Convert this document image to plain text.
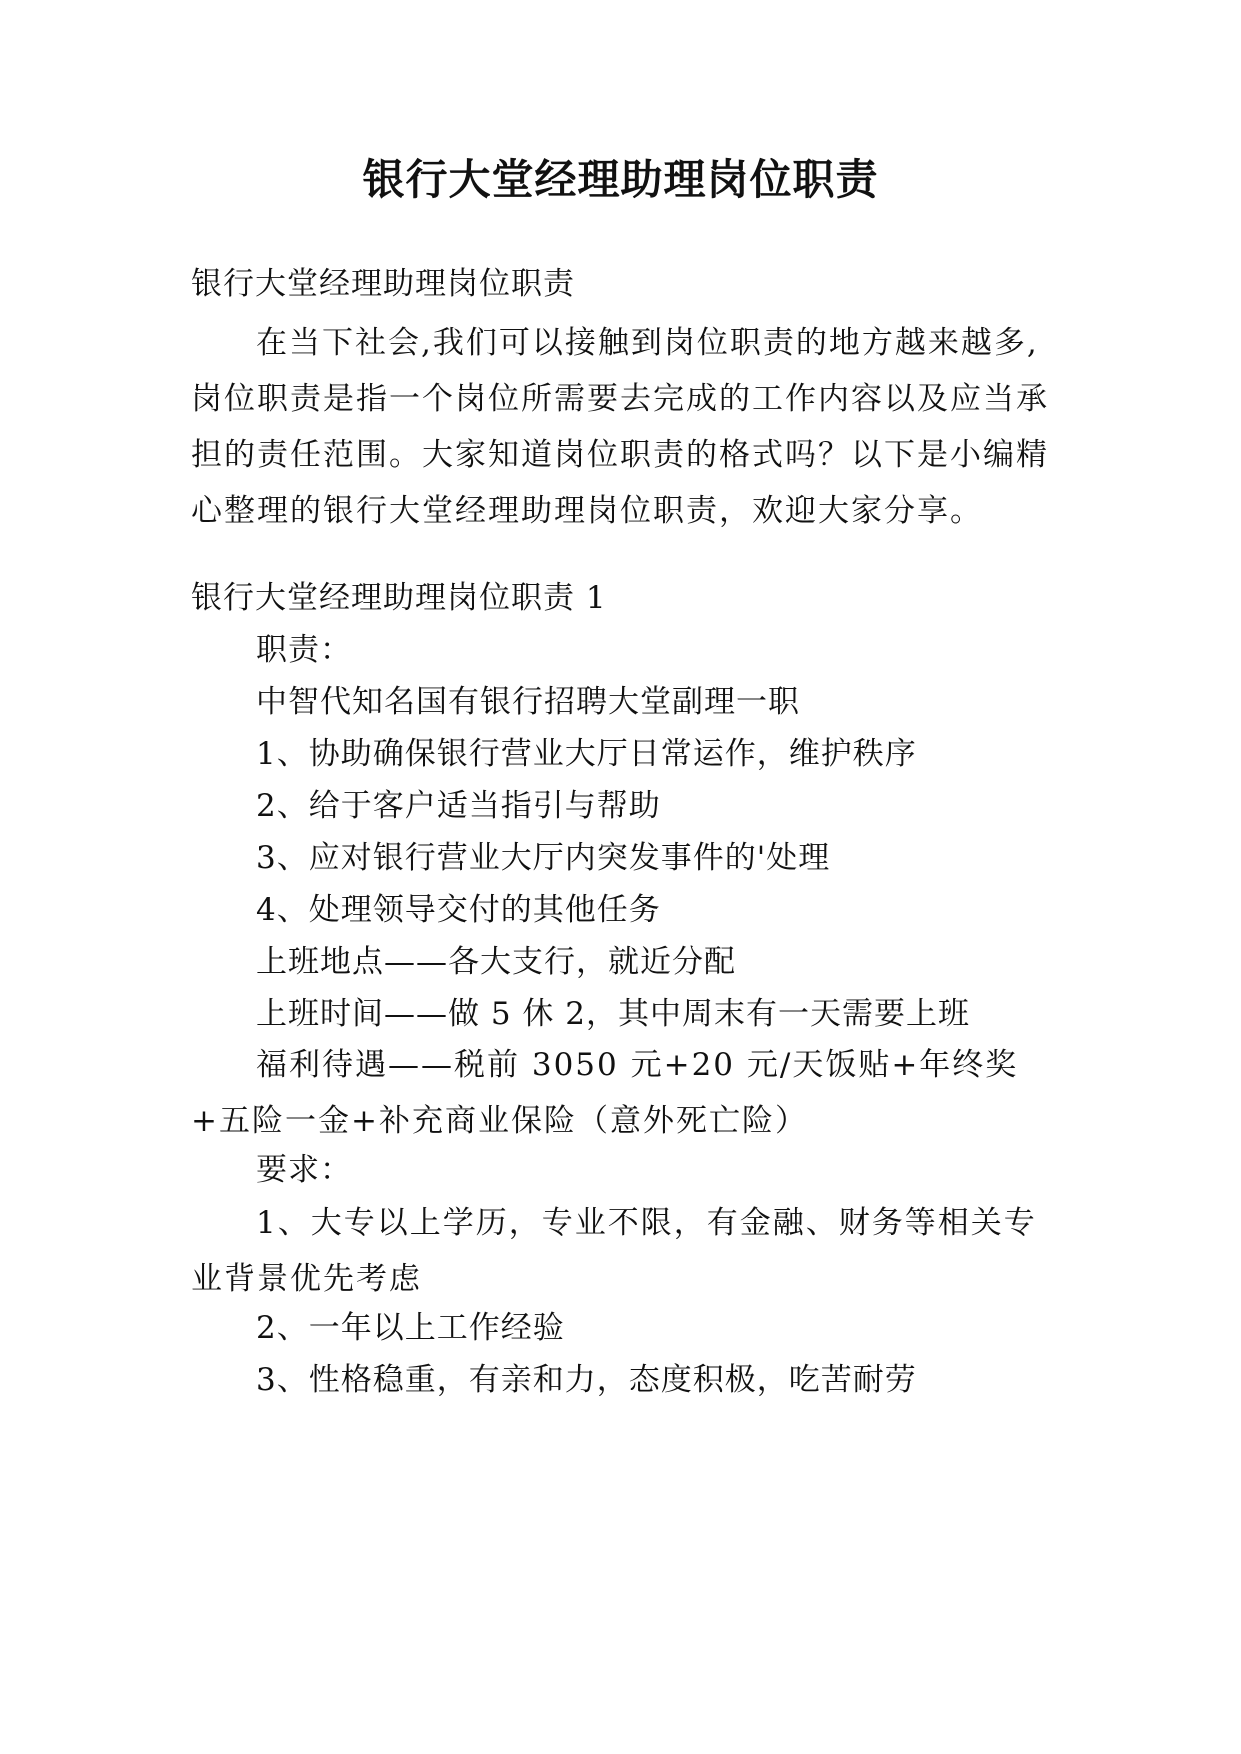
银行大堂经理助理岗位职责
银行大堂经理助理岗位职责
在当下社会,我们可以接触到岗位职责的地方越来越多,岗位职责是指一个岗位所需要去完成的工作内容以及应当承担的责任范围。大家知道岗位职责的格式吗？以下是小编精心整理的银行大堂经理助理岗位职责，欢迎大家分享。
银行大堂经理助理岗位职责 1
职责：
中智代知名国有银行招聘大堂副理一职
1、协助确保银行营业大厅日常运作，维护秩序
2、给于客户适当指引与帮助
3、应对银行营业大厅内突发事件的'处理
4、处理领导交付的其他任务
上班地点——各大支行，就近分配
上班时间——做 5 休 2，其中周末有一天需要上班
福利待遇——税前 3050 元+20 元/天饭贴+年终奖+五险一金+补充商业保险（意外死亡险）
要求：
1、大专以上学历，专业不限，有金融、财务等相关专业背景优先考虑
2、一年以上工作经验
3、性格稳重，有亲和力，态度积极，吃苦耐劳
